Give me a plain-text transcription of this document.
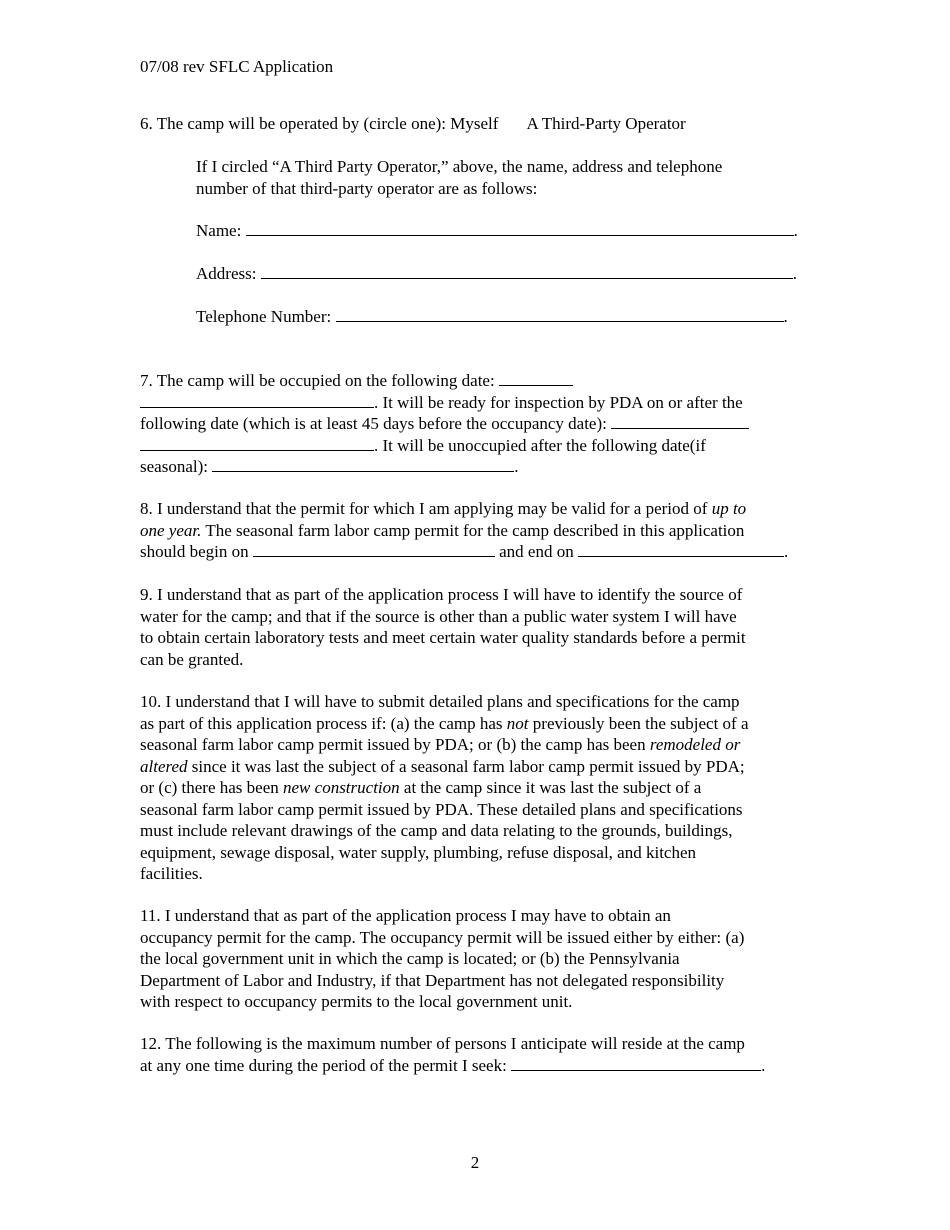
07/08 rev SFLC Application
6. The camp will be operated by (circle one): Myself A Third-Party Operator
If I circled “A Third Party Operator,” above, the name, address and telephone
number of that third-party operator are as follows:
Name:	.
Address:	.
Telephone Number:	.
7. The camp will be occupied on the following date:
. It will be ready for inspection by PDA on or after the
following date (which is at least 45 days before the occupancy date):
. It will be unoccupied after the following date(if
seasonal):	.
8. I understand that the permit for which I am applying may be valid for a period of up to
one year. The seasonal farm labor camp permit for the camp described in this application
should begin on	and end on	.
9. I understand that as part of the application process I will have to identify the source of
water for the camp; and that if the source is other than a public water system I will have
to obtain certain laboratory tests and meet certain water quality standards before a permit
can be granted.
10. I understand that I will have to submit detailed plans and specifications for the camp
as part of this application process if: (a) the camp has not previously been the subject of a
seasonal farm labor camp permit issued by PDA; or (b) the camp has been remodeled or
altered since it was last the subject of a seasonal farm labor camp permit issued by PDA;
or (c) there has been new construction at the camp since it was last the subject of a
seasonal farm labor camp permit issued by PDA. These detailed plans and specifications
must include relevant drawings of the camp and data relating to the grounds, buildings,
equipment, sewage disposal, water supply, plumbing, refuse disposal, and kitchen
facilities.
11. I understand that as part of the application process I may have to obtain an
occupancy permit for the camp. The occupancy permit will be issued either by either: (a)
the local government unit in which the camp is located; or (b) the Pennsylvania
Department of Labor and Industry, if that Department has not delegated responsibility
with respect to occupancy permits to the local government unit.
12. The following is the maximum number of persons I anticipate will reside at the camp
at any one time during the period of the permit I seek:	.
2
